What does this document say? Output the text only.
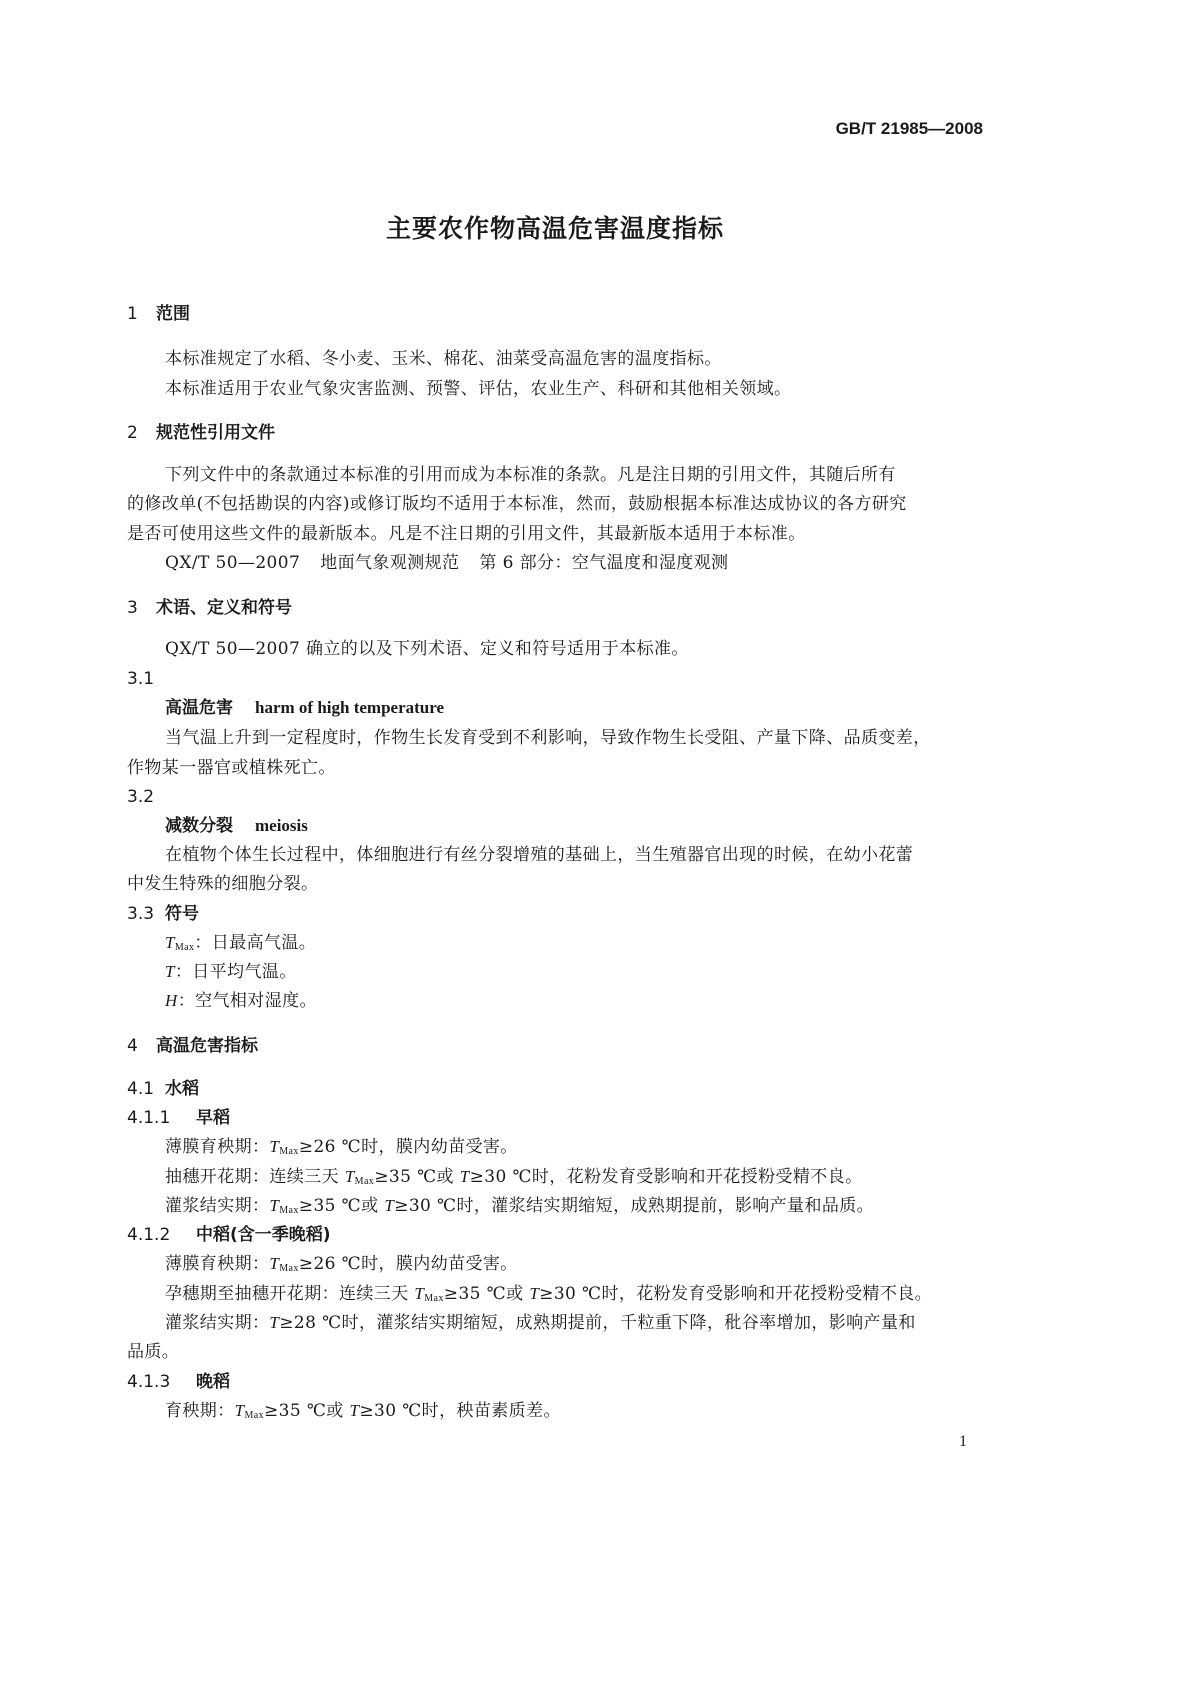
GB/T 21985—2008
主要农作物高温危害温度指标
1 范围
本标准规定了水稻、冬小麦、玉米、棉花、油菜受高温危害的温度指标。
本标准适用于农业气象灾害监测、预警、评估，农业生产、科研和其他相关领域。
2 规范性引用文件
下列文件中的条款通过本标准的引用而成为本标准的条款。凡是注日期的引用文件，其随后所有
的修改单(不包括勘误的内容)或修订版均不适用于本标准，然而，鼓励根据本标准达成协议的各方研究
是否可使用这些文件的最新版本。凡是不注日期的引用文件，其最新版本适用于本标准。
QX/T 50—2007 地面气象观测规范 第 6 部分：空气温度和湿度观测
3 术语、定义和符号
QX/T 50—2007 确立的以及下列术语、定义和符号适用于本标准。
3.1
高温危害 harm of high temperature
当气温上升到一定程度时，作物生长发育受到不利影响，导致作物生长受阻、产量下降、品质变差，
作物某一器官或植株死亡。
3.2
减数分裂 meiosis
在植物个体生长过程中，体细胞进行有丝分裂增殖的基础上，当生殖器官出现的时候，在幼小花蕾
中发生特殊的细胞分裂。
3.3 符号
$T_{Max}$：日最高气温。
T：日平均气温。
H：空气相对湿度。
4 高温危害指标
4.1 水稻
4.1.1 早稻
薄膜育秧期：$T_{Max}\ge 26$ ℃时，膜内幼苗受害。
抽穗开花期：连续三天 $T_{Max}\ge 35$ ℃或 T≥30 ℃时，花粉发育受影响和开花授粉受精不良。
灌浆结实期：$T_{Max}\ge 35$ ℃或 T≥30 ℃时，灌浆结实期缩短，成熟期提前，影响产量和品质。
4.1.2 中稻(含一季晚稻)
薄膜育秧期：$T_{Max}\ge 26$ ℃时，膜内幼苗受害。
孕穗期至抽穗开花期：连续三天 $T_{Max}\ge 35$ ℃或 T≥30 ℃时，花粉发育受影响和开花授粉受精不良。
灌浆结实期：T≥28 ℃时，灌浆结实期缩短，成熟期提前，千粒重下降，秕谷率增加，影响产量和
品质。
4.1.3 晚稻
育秧期：$T_{Max}\ge 35$ ℃或 T≥30 ℃时，秧苗素质差。
1
